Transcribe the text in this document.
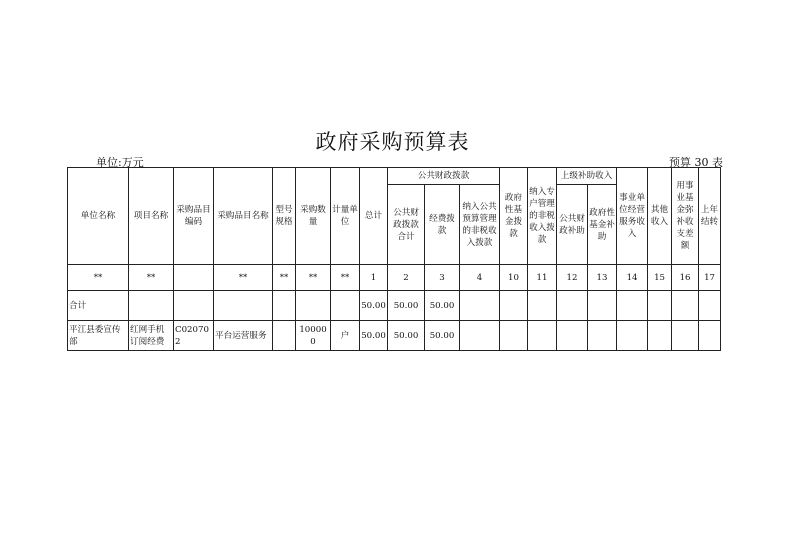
政府采购预算表
单位:万元	预算 30 表
单位名称	项目名称	采购品目编码	采购品目名称	型号规格	采购数量	计量单位	总计	公共财政拨款			政府性基金拨款	纳入专户管理的非税收入拨款	上级补助收入		事业单位经营服务收入	其他收入	用事业基金弥补收支差额	上年结转
								公共财政拨款合计	经费拨款	纳入公共预算管理的非税收入拨款			公共财政补助	政府性基金补助				
**	**		**	**	**	**	1	2	3	4	10	11	12	13	14	15	16	17
合计							50.00	50.00	50.00									
平江县委宣传部	红网手机订阅经费	C020702	平台运营服务		100000	户	50.00	50.00	50.00									
